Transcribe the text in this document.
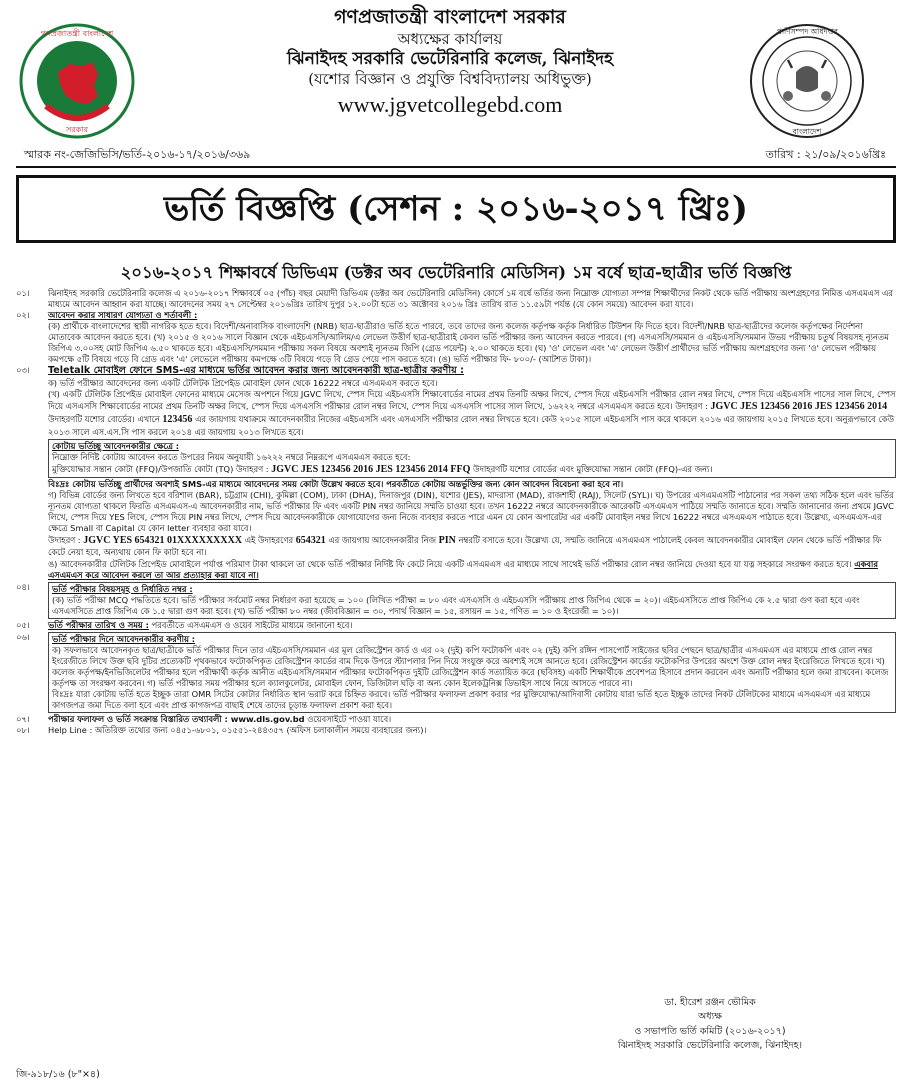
গণপ্রজাতন্ত্রী বাংলাদেশ
সরকার
গণপ্রজাতন্ত্রী বাংলাদেশ সরকার
অধ্যক্ষের কার্যালয়
ঝিনাইদহ সরকারি ভেটেরিনারি কলেজ, ঝিনাইদহ
(যশোর বিজ্ঞান ও প্রযুক্তি বিশ্ববিদ্যালয় অধিভুক্ত)
www.jgvetcollegebd.com
প্রাণিসম্পদ অধিদপ্তর
বাংলাদেশ
স্মারক নং-জেজিভিসি/ভর্তি-২০১৬-১৭/২০১৬/৩৬৯	তারিখ : ২১/০৯/২০১৬খ্রিঃ
ভর্তি বিজ্ঞপ্তি (সেশন : ২০১৬-২০১৭ খ্রিঃ)
২০১৬-২০১৭ শিক্ষাবর্ষে ডিভিএম (ডক্টর অব ভেটেরিনারি মেডিসিন) ১ম বর্ষে ছাত্র-ছাত্রীর ভর্তি বিজ্ঞপ্তি
০১।	ঝিনাইদহ সরকারি ভেটেরিনারি কলেজ এ ২০১৬-২০১৭ শিক্ষাবর্ষে ০৫ (পাঁচ) বছর মেয়াদী ডিভিএম (ডক্টর অব ভেটেরিনারি মেডিসিন) কোর্সে ১ম বর্ষে ভর্তির জন্য নিম্নোক্ত যোগ্যতা সম্পন্ন শিক্ষার্থীদের নিকট থেকে ভর্তি পরীক্ষায় অংশগ্রহণের নিমিত্ত এসএমএস এর মাধ্যমে আবেদন আহ্বান করা যাচ্ছে। আবেদনের সময় ২৭ সেপ্টেম্বর ২০১৬খ্রিঃ তারিখ দুপুর ১২.০০টা হতে ৩১ অক্টোবর ২০১৬ খ্রিঃ তারিখ রাত ১১.৫৯টা পর্যন্ত (যে কোন সময়ে) আবেদন করা যাবে।
০২।	আবেদন করার সাধারণ যোগ্যতা ও শর্তাবলী :
(ক) প্রার্থীকে বাংলাদেশের স্থায়ী নাগরিক হতে হবে। বিদেশী/অনাবাসিক বাংলাদেশি (NRB) ছাত্র-ছাত্রীরাও ভর্তি হতে পারবে, তবে তাদের জন্য কলেজ কর্তৃপক্ষ কর্তৃক নির্ধারিত টিউশন ফি দিতে হবে। বিদেশী/NRB ছাত্র-ছাত্রীদের কলেজ কর্তৃপক্ষের নির্দেশনা মোতাবেক আবেদন করতে হবে। (খ) ২০১৫ ও ২০১৬ সালে বিজ্ঞান থেকে এইচএসসি/আলিম/এ লেভেল উত্তীর্ণ ছাত্র-ছাত্রীরাই কেবল ভর্তি পরীক্ষার জন্য আবেদন করতে পারবে। (গ) এসএসসি/সমমান ও এইচএসসি/সমমান উভয় পরীক্ষায় চতুর্থ বিষয়সহ ন্যূনতম জিপিএ ৩.০০সহ মোট জিপিএ ৬.৫০ থাকতে হবে। এইচএসসি/সমমান পরীক্ষায় সকল বিষয়ে অবশ্যই ন্যূনতম জিপি (গ্রেড পয়েন্ট) ২.০০ থাকতে হবে। (ঘ) 'ও' লেভেল এবং 'এ' লেভেল উত্তীর্ণ প্রার্থীদের ভর্তি পরীক্ষায় অংশগ্রহণের জন্য 'ও' লেভেল পরীক্ষায় কমপক্ষে ৫টি বিষয়ে গড়ে বি গ্রেড এবং 'এ' লেভেলে পরীক্ষায় কমপক্ষে ৩টি বিষয়ে গড়ে বি গ্রেড পেয়ে পাস করতে হবে। (ঙ) ভর্তি পরীক্ষার ফি- ৮০০/- (আটশত টাকা)।
০৩।	Teletalk মোবাইল ফোনে SMS-এর মাধ্যমে ভর্তির আবেদন করার জন্য আবেদনকারী ছাত্র-ছাত্রীর করণীয় :
ক) ভর্তি পরীক্ষার আবেদনের জন্য একটি টেলিটক প্রিপেইড মোবাইল ফোন থেকে 16222 নম্বরে এসএমএস করতে হবে।
(খ) একটি টেলিটক প্রিপেইড মোবাইল ফোনের মাধ্যমে মেসেজ অপশনে গিয়ে JGVC লিখে, স্পেস দিয়ে এইচএসসি শিক্ষাবোর্ডের নামের প্রথম তিনটি অক্ষর লিখে, স্পেস দিয়ে এইচএসসি পরীক্ষার রোল নম্বর লিখে, স্পেস দিয়ে এইচএসসি পাসের সাল লিখে, স্পেস দিয়ে এসএসসি শিক্ষাবোর্ডের নামের প্রথম তিনটি অক্ষর লিখে, স্পেস দিয়ে এসএসসি পরীক্ষার রোল নম্বর লিখে, স্পেস দিয়ে এসএসসি পাসের সাল লিখে, ১৬২২২ নম্বরে এসএমএস করতে হবে। উদাহরণ : JGVC JES 123456 2016 JES 123456 2014 উদাহরণটি যশোর বোর্ডের। এখানে 123456 এর জায়গায় যথাক্রমে আবেদনকারীর নিজের এইচএসসি এবং এসএসসি পরীক্ষার রোল নম্বর লিখতে হবে। কেউ ২০১৫ সালে এইচএসসি পাস করে থাকলে ২০১৬ এর জায়গায় ২০১৫ লিখতে হবে। অনুরূপভাবে কেউ ২০১৩ সালে এস.এস.সি পাস করলে ২০১৪ এর জায়গায় ২০১৩ লিখতে হবে।
কোটায় ভর্তিচ্ছু আবেদনকারীর ক্ষেত্রে :
নিম্নোক্ত নির্দিষ্ট কোটায় আবেদন করতে উপরের নিয়ম অনুযায়ী ১৬২২২ নম্বরে নিম্নরূপে এসএমএস করতে হবে:
মুক্তিযোদ্ধার সন্তান কোটা (FFQ)/উপজাতি কোটা (TQ) উদাহরণ : JGVC JES 123456 2016 JES 123456 2014 FFQ উদাহরণটি যশোর বোর্ডের এবং মুক্তিযোদ্ধা সন্তান কোটা (FFQ)-এর জন্য।
বিঃদ্রঃ কোটায় ভর্তিচ্ছু প্রার্থীদের অবশ্যই SMS-এর মাধ্যমে আবেদনের সময় কোটা উল্লেখ করতে হবে। পরবর্তীতে কোটায় অন্তর্ভুক্তির জন্য কোন আবেদন বিবেচনা করা হবে না।
গ) বিভিন্ন বোর্ডের জন্য লিখতে হবে বরিশাল (BAR), চট্টগ্রাম (CHI), কুমিল্লা (COM), ঢাকা (DHA), দিনাজপুর (DIN), যশোর (JES), মাদরাসা (MAD), রাজশাহী (RAJ), সিলেট (SYL)। ঘ) উপরের এসএমএসটি পাঠানোর পর সকল তথ্য সঠিক হলে এবং ভর্তির ন্যূনতম যোগ্যতা থাকলে ফিরতি এসএমএস-এ আবেদনকারীর নাম, ভর্তি পরীক্ষার ফি এবং একটি PIN নম্বর জানিয়ে সম্মতি চাওয়া হবে। তখন 16222 নম্বরে আবেদনকারীকে আরেকটি এসএমএস পাঠিয়ে সম্মতি জানাতে হবে। সম্মতি জানানোর জন্য প্রথমে JGVC লিখে, স্পেস দিয়ে YES লিখে, স্পেস দিয়ে PIN নম্বর লিখে, স্পেস দিয়ে আবেদনকারীকে যোগাযোগের জন্য নিজে ব্যবহার করতে পারে এমন যে কোন অপারেটর এর একটি মোবাইল নম্বর লিখে 16222 নম্বরে এসএমএস পাঠাতে হবে। উল্লেখ্য, এসএমএস-এর ক্ষেত্রে Small বা Capital যে কোন letter ব্যবহার করা যাবে।
উদাহরণ : JGVC YES 654321 01XXXXXXXXX এই উদাহরণের 654321 এর জায়গায় আবেদনকারীর নিজ PIN নম্বরটি বসাতে হবে। উল্লেখ্য যে, সম্মতি জানিয়ে এসএমএস পাঠালেই কেবল আবেদনকারীর মোবাইল ফোন থেকে ভর্তি পরীক্ষার ফি কেটে নেয়া হবে, অন্যথায় কোন ফি কাটা হবে না।
ঙ) আবেদনকারীর টেলিটক প্রিপেইড মোবাইলে পর্যাপ্ত পরিমাণ টাকা থাকলে তা থেকে ভর্তি পরীক্ষার নির্দিষ্ট ফি কেটে নিয়ে একটি এসএমএস এর মাধ্যমে সাথে সাথেই ভর্তি পরীক্ষার রোল নম্বর জানিয়ে দেওয়া হবে যা যত্ন সহকারে সংরক্ষণ করতে হবে। একবার এসএমএস করে আবেদন করলে তা আর প্রত্যাহার করা যাবে না।
০৪।	ভর্তি পরীক্ষার বিষয়সমূহ ও নির্ধারিত নম্বর :
(ক) ভর্তি পরীক্ষা MCQ পদ্ধতিতে হবে। ভর্তি পরীক্ষার সর্বমোট নম্বর নির্ধারণ করা হয়েছে = ১০০ (লিখিত পরীক্ষা = ৮০ এবং এসএসসি ও এইচএসসি পরীক্ষায় প্রাপ্ত জিপিএ থেকে = ২০)। এইচএসসিতে প্রাপ্ত জিপিএ কে ২.৫ দ্বারা গুণ করা হবে এবং এসএসসিতে প্রাপ্ত জিপিএ কে ১.৫ দ্বারা গুণ করা হবে। (খ) ভর্তি পরীক্ষা ৮০ নম্বর (জীববিজ্ঞান = ৩০, পদার্থ বিজ্ঞান = ১৫, রসায়ন = ১৫, গণিত = ১০ ও ইংরেজী = ১০)।
০৫।	ভর্তি পরীক্ষার তারিখ ও সময় : পরবর্তীতে এসএমএস ও ওয়েব সাইটের মাধ্যমে জানানো হবে।
০৬।	ভর্তি পরীক্ষার দিনে আবেদনকারীর করণীয় :
ক) সফলভাবে আবেদনকৃত ছাত্র/ছাত্রীকে ভর্তি পরীক্ষার দিনে তার এইচএসসি/সমমান এর মূল রেজিস্ট্রেশন কার্ড ও এর ০২ (দুই) কপি ফটোকপি এবং ০২ (দুই) কপি রঙ্গিন পাসপোর্ট সাইজের ছবির পেছনে ছাত্র/ছাত্রীর এসএমএস এর মাধ্যমে প্রাপ্ত রোল নম্বর ইংরেজীতে লিখে উক্ত ছবি দুটির প্রত্যেকটি পৃথকভাবে ফটোকপিকৃত রেজিস্ট্রেশন কার্ডের বাম দিকে উপরে স্ট্যাপলার পিন দিয়ে সংযুক্ত করে অবশ্যই সঙ্গে আনতে হবে। রেজিস্ট্রেশন কার্ডের ফটোকপির উপরের অংশে উক্ত রোল নম্বর ইংরেজিতে লিখতে হবে। খ) কলেজ কর্তৃপক্ষ/ইনভিজিলেটর পরীক্ষার হলে পরীক্ষার্থী কর্তৃক আনীত এইচএসসি/সমমান পরীক্ষার ফটোকপিকৃত দুইটি রেজিস্ট্রেশন কার্ড সত্যায়িত করে (ছবিসহ) একটি শিক্ষার্থীকে প্রবেশপত্র হিসাবে প্রদান করবেন এবং অন্যটি পরীক্ষার হলে জমা রাখবেন। কলেজ কর্তৃপক্ষ তা সংরক্ষণ করবেন। গ) ভর্তি পরীক্ষার সময় পরীক্ষার হলে ক্যালকুলেটর, মোবাইল ফোন, ডিজিটাল ঘড়ি বা অন্য কোন ইলেকট্রনিক্স ডিভাইস সাথে নিয়ে আসতে পারবে না।
বিঃদ্রঃ যারা কোটায় ভর্তি হতে ইচ্ছুক তারা OMR সিটের কোটার নির্ধারিত স্থান ভরাট করে চিহ্নিত করবে। ভর্তি পরীক্ষার ফলাফল প্রকাশ করার পর মুক্তিযোদ্ধা/আদিবাসী কোটায় যারা ভর্তি হতে ইচ্ছুক তাদের নিকট টেলিটকের মাধ্যমে এসএমএস এর মাধ্যমে কাগজপত্র জমা দিতে বলা হবে এবং প্রাপ্ত কাগজপত্র বাছাই শেষে তাদের চূড়ান্ত ফলাফল প্রকাশ করা হবে।
০৭।	পরীক্ষার ফলাফল ও ভর্তি সংক্রান্ত বিস্তারিত তথ্যাবলী : www.dls.gov.bd ওয়েবসাইটে পাওয়া যাবে।
০৮।	Help Line : অতিরিক্ত তথ্যের জন্য ০৪৫১-৬৮০১, ০১৫৫১-২৪৪৩৫৭ (অফিস চলাকালীন সময়ে ব্যবহারের জন্য)।
ডা. হীরেশ রঞ্জন ভৌমিক
অধ্যক্ষ
ও সভাপতি ভর্তি কমিটি (২০১৬-২০১৭)
ঝিনাইদহ সরকারি ভেটেরিনারি কলেজ, ঝিনাইদহ।
জি-৯১৮/১৬ (৮"×৪)
